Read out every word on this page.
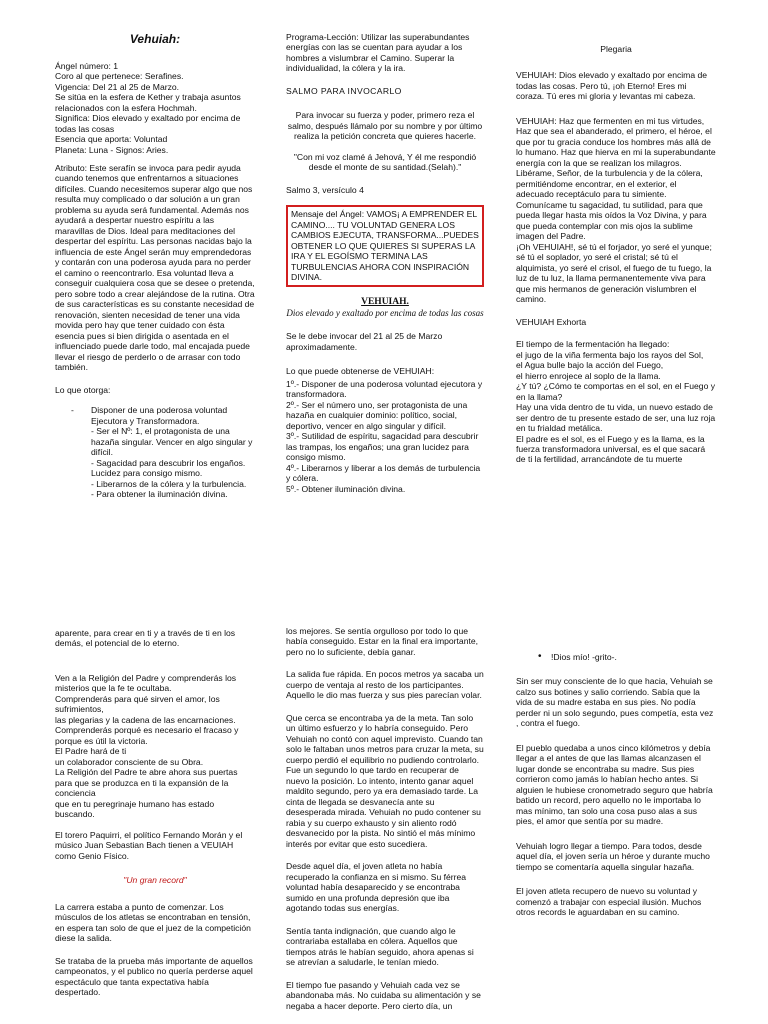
Vehuiah:
Ángel número: 1
Coro al que pertenece: Serafines.
Vigencia: Del 21 al 25 de Marzo.
Se sitúa en la esfera de Kether y trabaja asuntos relacionados con la esfera Hochmah.
Significa: Dios elevado y exaltado por encima de todas las cosas
Esencia que aporta: Voluntad
Planeta: Luna - Signos: Aries.

Atributo: Este serafín se invoca para pedir ayuda cuando tenemos que enfrentarnos a situaciones difíciles. Cuando necesitemos superar algo que nos resulta muy complicado o dar solución a un gran problema su ayuda será fundamental. Además nos ayudará a despertar nuestro espíritu a las maravillas de Dios. Ideal para meditaciones del despertar del espíritu. Las personas nacidas bajo la influencia de este Ángel serán muy emprendedoras y contarán con una poderosa ayuda para no perder el camino o reencontrarlo. Esa voluntad lleva a conseguir cualquiera cosa que se desee o pretenda, pero sobre todo a crear alejándose de la rutina. Otra de sus características es su constante necesidad de renovación, sienten necesidad de tener una vida movida pero hay que tener cuidado con ésta esencia pues si bien dirigida o asentada en el influenciado puede darle todo, mal encajada puede llevar el riesgo de perderlo o de arrasar con todo también.

Lo que otorga:

- Disponer de una poderosa voluntad Ejecutora y Transformadora.
- Ser el Nº: 1, el protagonista de una hazaña singular. Vencer en algo singular y difícil.
- Sagacidad para descubrir los engaños. Lucidez para consigo mismo.
- Liberarnos de la cólera y la turbulencia.
- Para obtener la iluminación divina.

Programa-Lección: Utilizar las superabundantes energías con las se cuentan para ayudar a los hombres a vislumbrar el Camino. Superar la individualidad, la cólera y la ira.

SALMO PARA INVOCARLO

Para invocar su fuerza y poder, primero reza el salmo, después llámalo por su nombre y por último realiza la petición concreta que quieres hacerle.

"Con mi voz clamé á Jehová, Y él me respondió desde el monte de su santidad.(Selah)."

Salmo 3, versículo 4

Mensaje del Ángel: VAMOS¡ A EMPRENDER EL CAMINO.... TU VOLUNTAD GENERA LOS CAMBIOS EJECUTA, TRANSFORMA...PUEDES OBTENER LO QUE QUIERES SI SUPERAS LA IRA Y EL EGOÍSMO TERMINA LAS TURBULENCIAS AHORA CON INSPIRACIÓN DIVINA.
VEHUIAH.
Dios elevado y exaltado por encima de todas las cosas

Se le debe invocar del 21 al 25 de Marzo aproximadamente.

Lo que puede obtenerse de VEHUIAH:

1º.- Disponer de una poderosa voluntad ejecutora y transformadora.
2º.- Ser el número uno, ser protagonista de una hazaña en cualquier dominio: político, social, deportivo, vencer en algo singular y difícil.
3º.- Sutilidad de espíritu, sagacidad para descubrir las trampas, los engaños; una gran lucidez para consigo mismo.
4º.- Liberarnos y liberar a los demás de turbulencia y cólera.
5º.- Obtener iluminación divina.
Plegaria

VEHUIAH: Dios elevado y exaltado por encima de todas las cosas. Pero tú, ¡oh Eterno! Eres mi coraza. Tú eres mi gloria y levantas mi cabeza.

VEHUIAH: Haz que fermenten en mi tus virtudes,
Haz que sea el abanderado, el primero, el héroe, el que por tu gracia conduce los hombres más allá de lo humano. Haz que hierva en mi la superabundante energía con la que se realizan los milagros.
Libérame, Señor, de la turbulencia y de la cólera, permitiéndome encontrar, en el exterior, el adecuado receptáculo para tu simiente.
Comunícame tu sagacidad, tu sutilidad, para que pueda llegar hasta mis oídos la Voz Divina, y para que pueda contemplar con mis ojos la sublime imagen del Padre.
¡Oh VEHUIAH!, sé tú el forjador, yo seré el yunque;
sé tú el soplador, yo seré el cristal; sé tú el alquimista, yo seré el crisol, el fuego de tu fuego, la luz de tu luz, la llama permanentemente viva para que mis hermanos de generación vislumbren el camino.

VEHUIAH Exhorta

El tiempo de la fermentación ha llegado:
el jugo de la viña fermenta bajo los rayos del Sol,
el Agua bulle bajo la acción del Fuego,
el hierro enrojece al soplo de la llama.
¿Y tú? ¿Cómo te comportas en el sol, en el Fuego y en la llama?
Hay una vida dentro de tu vida, un nuevo estado de ser dentro de tu presente estado de ser, una luz roja en tu frialdad metálica.
El padre es el sol, es el Fuego y es la llama, es la fuerza transformadora universal, es el que sacará de ti la fertilidad, arrancándote de tu muerte

aparente, para crear en ti y a través de ti en los demás, el potencial de lo eterno.

Ven a la Religión del Padre y comprenderás los misterios que la fe te ocultaba.
Comprenderás para qué sirven el amor, los sufrimientos,
las plegarias y la cadena de las encarnaciones.
Comprenderás porqué es necesario el fracaso y porque es útil la victoria.
El Padre hará de ti
un colaborador consciente de su Obra.
La Religión del Padre te abre ahora sus puertas para que se produzca en ti la expansión de la conciencia
que en tu peregrinaje humano has estado buscando.

El torero Paquirri, el político Fernando Morán y el músico Juan Sebastian Bach tienen a VEUIAH como Genio Físico.

"Un gran record"

La carrera estaba a punto de comenzar. Los músculos de los atletas se encontraban en tensión, en espera tan solo de que el juez de la competición diese la salida.

Se trataba de la prueba más importante de aquellos campeonatos, y el publico no quería perderse aquel espectáculo que tanta expectativa había despertado.

los mejores. Se sentía orgulloso por todo lo que había conseguido. Estar en la final era importante, pero no lo suficiente, debía ganar.

La salida fue rápida. En pocos metros ya sacaba un cuerpo de ventaja al resto de los participantes. Aquello le dio mas fuerza y sus pies parecían volar.

Que cerca se encontraba ya de la meta. Tan solo un último esfuerzo y lo habría conseguido. Pero Vehuiah no contó con aquel imprevisto. Cuando tan solo le faltaban unos metros para cruzar la meta, su cuerpo perdió el equilibrio no pudiendo controlarlo. Fue un segundo lo que tardo en recuperar de nuevo la posición. Lo intento, intento ganar aquel maldito segundo, pero ya era demasiado tarde. La cinta de llegada se desvanecía ante su desesperada mirada. Vehuiah no pudo contener su rabia y su cuerpo exhausto y sin aliento rodó desvanecido por la pista. No sintió el más mínimo interés por evitar que esto sucediera.

Desde aquel día, el joven atleta no había recuperado la confianza en si mismo. Su férrea voluntad había desaparecido y se encontraba sumido en una profunda depresión que iba agotando todas sus energías.

Sentía tanta indignación, que cuando algo le contrariaba estallaba en cólera. Aquellos que tiempos atrás le habían seguido, ahora apenas si se atrevían a saludarle, le tenían miedo.

El tiempo fue pasando y Vehuiah cada vez se abandonaba más. No cuidaba su alimentación y se negaba a hacer deporte. Pero cierto día, un

• !Dios mío! -grito-.

Sin ser muy consciente de lo que hacia, Vehuiah se calzo sus botines y salio corriendo. Sabía que la vida de su madre estaba en sus pies. No podía perder ni un solo segundo, pues competía, esta vez , contra el fuego.

El pueblo quedaba a unos cinco kilómetros y debía llegar a el antes de que las llamas alcanzasen el lugar donde se encontraba su madre. Sus pies corrieron como jamás lo habían hecho antes. Si alguien le hubiese cronometrado seguro que habría batido un record, pero aquello no le importaba lo mas mínimo, tan solo una cosa puso alas a sus pies, el amor que sentía por su madre.

Vehuiah logro llegar a tiempo. Para todos, desde aquel día, el joven sería un héroe y durante mucho tiempo se comentaría aquella singular hazaña.

El joven atleta recupero de nuevo su voluntad y comenzó a trabajar con especial ilusión. Muchos otros records le aguardaban en su camino.
